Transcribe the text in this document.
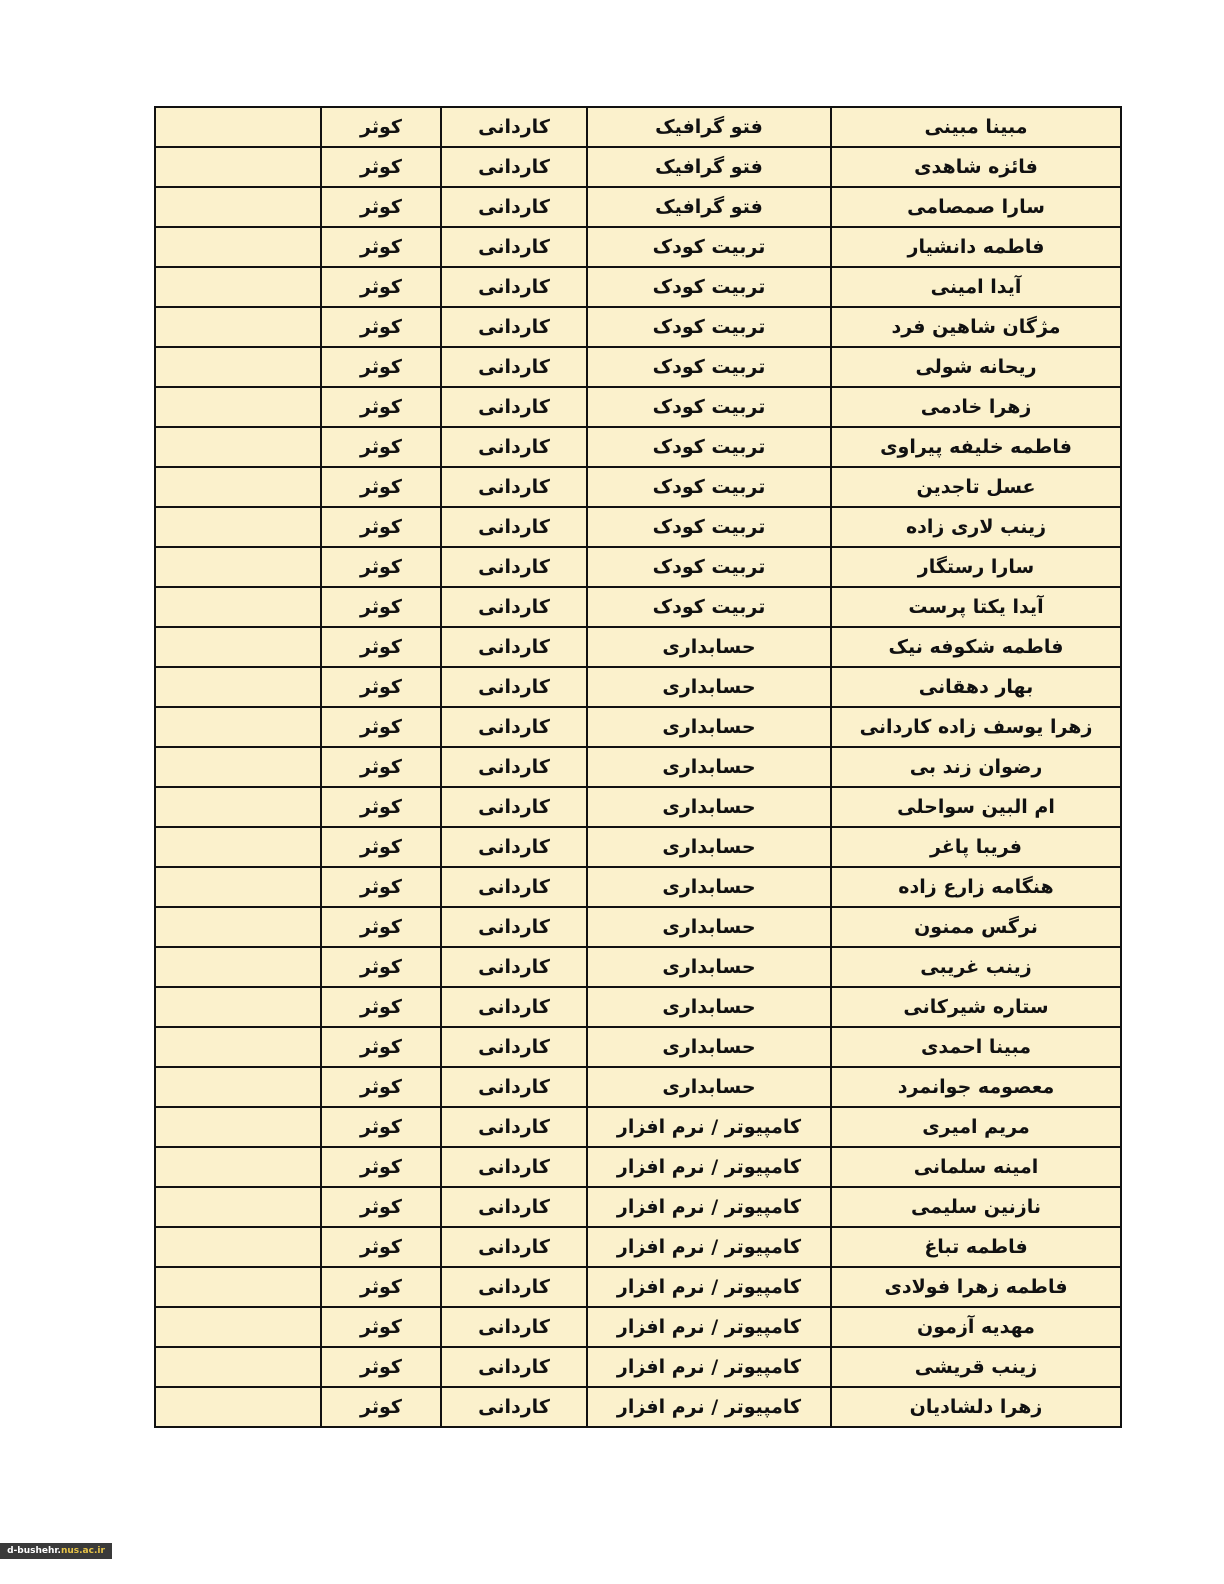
مبینا مبینی	فتو گرافیک	کاردانی	کوثر	
فائزه شاهدی	فتو گرافیک	کاردانی	کوثر	
سارا صمصامی	فتو گرافیک	کاردانی	کوثر	
فاطمه دانشیار	تربیت کودک	کاردانی	کوثر	
آیدا امینی	تربیت کودک	کاردانی	کوثر	
مژگان شاهین فرد	تربیت کودک	کاردانی	کوثر	
ریحانه شولی	تربیت کودک	کاردانی	کوثر	
زهرا خادمی	تربیت کودک	کاردانی	کوثر	
فاطمه خلیفه پیراوی	تربیت کودک	کاردانی	کوثر	
عسل تاجدین	تربیت کودک	کاردانی	کوثر	
زینب لاری زاده	تربیت کودک	کاردانی	کوثر	
سارا رستگار	تربیت کودک	کاردانی	کوثر	
آیدا یکتا پرست	تربیت کودک	کاردانی	کوثر	
فاطمه شکوفه نیک	حسابداری	کاردانی	کوثر	
بهار دهقانی	حسابداری	کاردانی	کوثر	
زهرا یوسف زاده کاردانی	حسابداری	کاردانی	کوثر	
رضوان زند بی	حسابداری	کاردانی	کوثر	
ام البین سواحلی	حسابداری	کاردانی	کوثر	
فریبا پاغر	حسابداری	کاردانی	کوثر	
هنگامه زارع زاده	حسابداری	کاردانی	کوثر	
نرگس ممنون	حسابداری	کاردانی	کوثر	
زینب غریبی	حسابداری	کاردانی	کوثر	
ستاره شیرکانی	حسابداری	کاردانی	کوثر	
مبینا احمدی	حسابداری	کاردانی	کوثر	
معصومه جوانمرد	حسابداری	کاردانی	کوثر	
مریم امیری	کامپیوتر / نرم افزار	کاردانی	کوثر	
امینه سلمانی	کامپیوتر / نرم افزار	کاردانی	کوثر	
نازنین سلیمی	کامپیوتر / نرم افزار	کاردانی	کوثر	
فاطمه تباغ	کامپیوتر / نرم افزار	کاردانی	کوثر	
فاطمه زهرا فولادی	کامپیوتر / نرم افزار	کاردانی	کوثر	
مهدیه آزمون	کامپیوتر / نرم افزار	کاردانی	کوثر	
زینب قریشی	کامپیوتر / نرم افزار	کاردانی	کوثر	
زهرا دلشادیان	کامپیوتر / نرم افزار	کاردانی	کوثر	
d-bushehr.nus.ac.ir
